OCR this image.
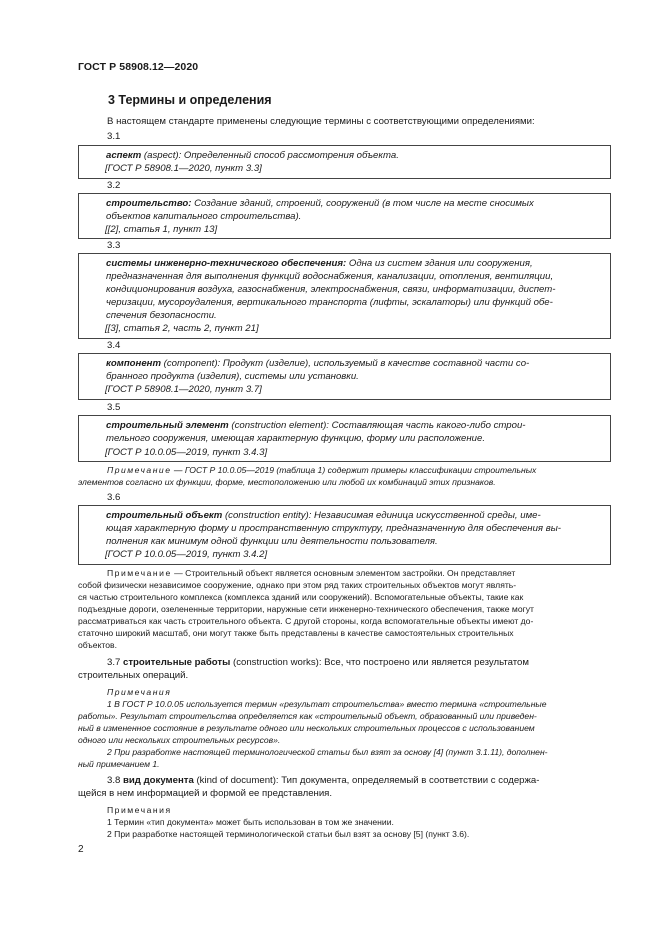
ГОСТ Р 58908.12—2020
3 Термины и определения
В настоящем стандарте применены следующие термины с соответствующими определениями:
3.1
аспект (aspect): Определенный способ рассмотрения объекта.
[ГОСТ Р 58908.1—2020, пункт 3.3]
3.2
строительство: Создание зданий, строений, сооружений (в том числе на месте сносимых
объектов капитального строительства).
[[2], статья 1, пункт 13]
3.3
системы инженерно-технического обеспечения: Одна из систем здания или сооружения,
предназначенная для выполнения функций водоснабжения, канализации, отопления, вентиляции,
кондиционирования воздуха, газоснабжения, электроснабжения, связи, информатизации, диспет-
черизации, мусороудаления, вертикального транспорта (лифты, эскалаторы) или функций обе-
спечения безопасности.
[[3], статья 2, часть 2, пункт 21]
3.4
компонент (component): Продукт (изделие), используемый в качестве составной части со-
бранного продукта (изделия), системы или установки.
[ГОСТ Р 58908.1—2020, пункт 3.7]
3.5
строительный элемент (construction element): Составляющая часть какого-либо строи-
тельного сооружения, имеющая характерную функцию, форму или расположение.
[ГОСТ Р 10.0.05—2019, пункт 3.4.3]
Примечание — ГОСТ Р 10.0.05—2019 (таблица 1) содержит примеры классификации строительных
элементов согласно их функции, форме, местоположению или любой их комбинаций этих признаков.
3.6
строительный объект (construction entity): Независимая единица искусственной среды, име-
ющая характерную форму и пространственную структуру, предназначенную для обеспечения вы-
полнения как минимум одной функции или деятельности пользователя.
[ГОСТ Р 10.0.05—2019, пункт 3.4.2]
Примечание — Строительный объект является основным элементом застройки. Он представляет
собой физически независимое сооружение, однако при этом ряд таких строительных объектов могут являть-
ся частью строительного комплекса (комплекса зданий или сооружений). Вспомогательные объекты, такие как
подъездные дороги, озелененные территории, наружные сети инженерно-технического обеспечения, также могут
рассматриваться как часть строительного объекта. С другой стороны, когда вспомогательные объекты имеют до-
статочно широкий масштаб, они могут также быть представлены в качестве самостоятельных строительных
объектов.
3.7 строительные работы (construction works): Все, что построено или является результатом
строительных операций.
Примечания
1 В ГОСТ Р 10.0.05 используется термин «результат строительства» вместо термина «строительные
работы». Результат строительства определяется как «строительный объект, образованный или приведен-
ный в измененное состояние в результате одного или нескольких строительных процессов с использованием
одного или нескольких строительных ресурсов».
2 При разработке настоящей терминологической статьи был взят за основу [4] (пункт 3.1.11), дополнен-
ный примечанием 1.
3.8 вид документа (kind of document): Тип документа, определяемый в соответствии с содержа-
щейся в нем информацией и формой ее представления.
Примечания
1 Термин «тип документа» может быть использован в том же значении.
2 При разработке настоящей терминологической статьи был взят за основу [5] (пункт 3.6).
2
